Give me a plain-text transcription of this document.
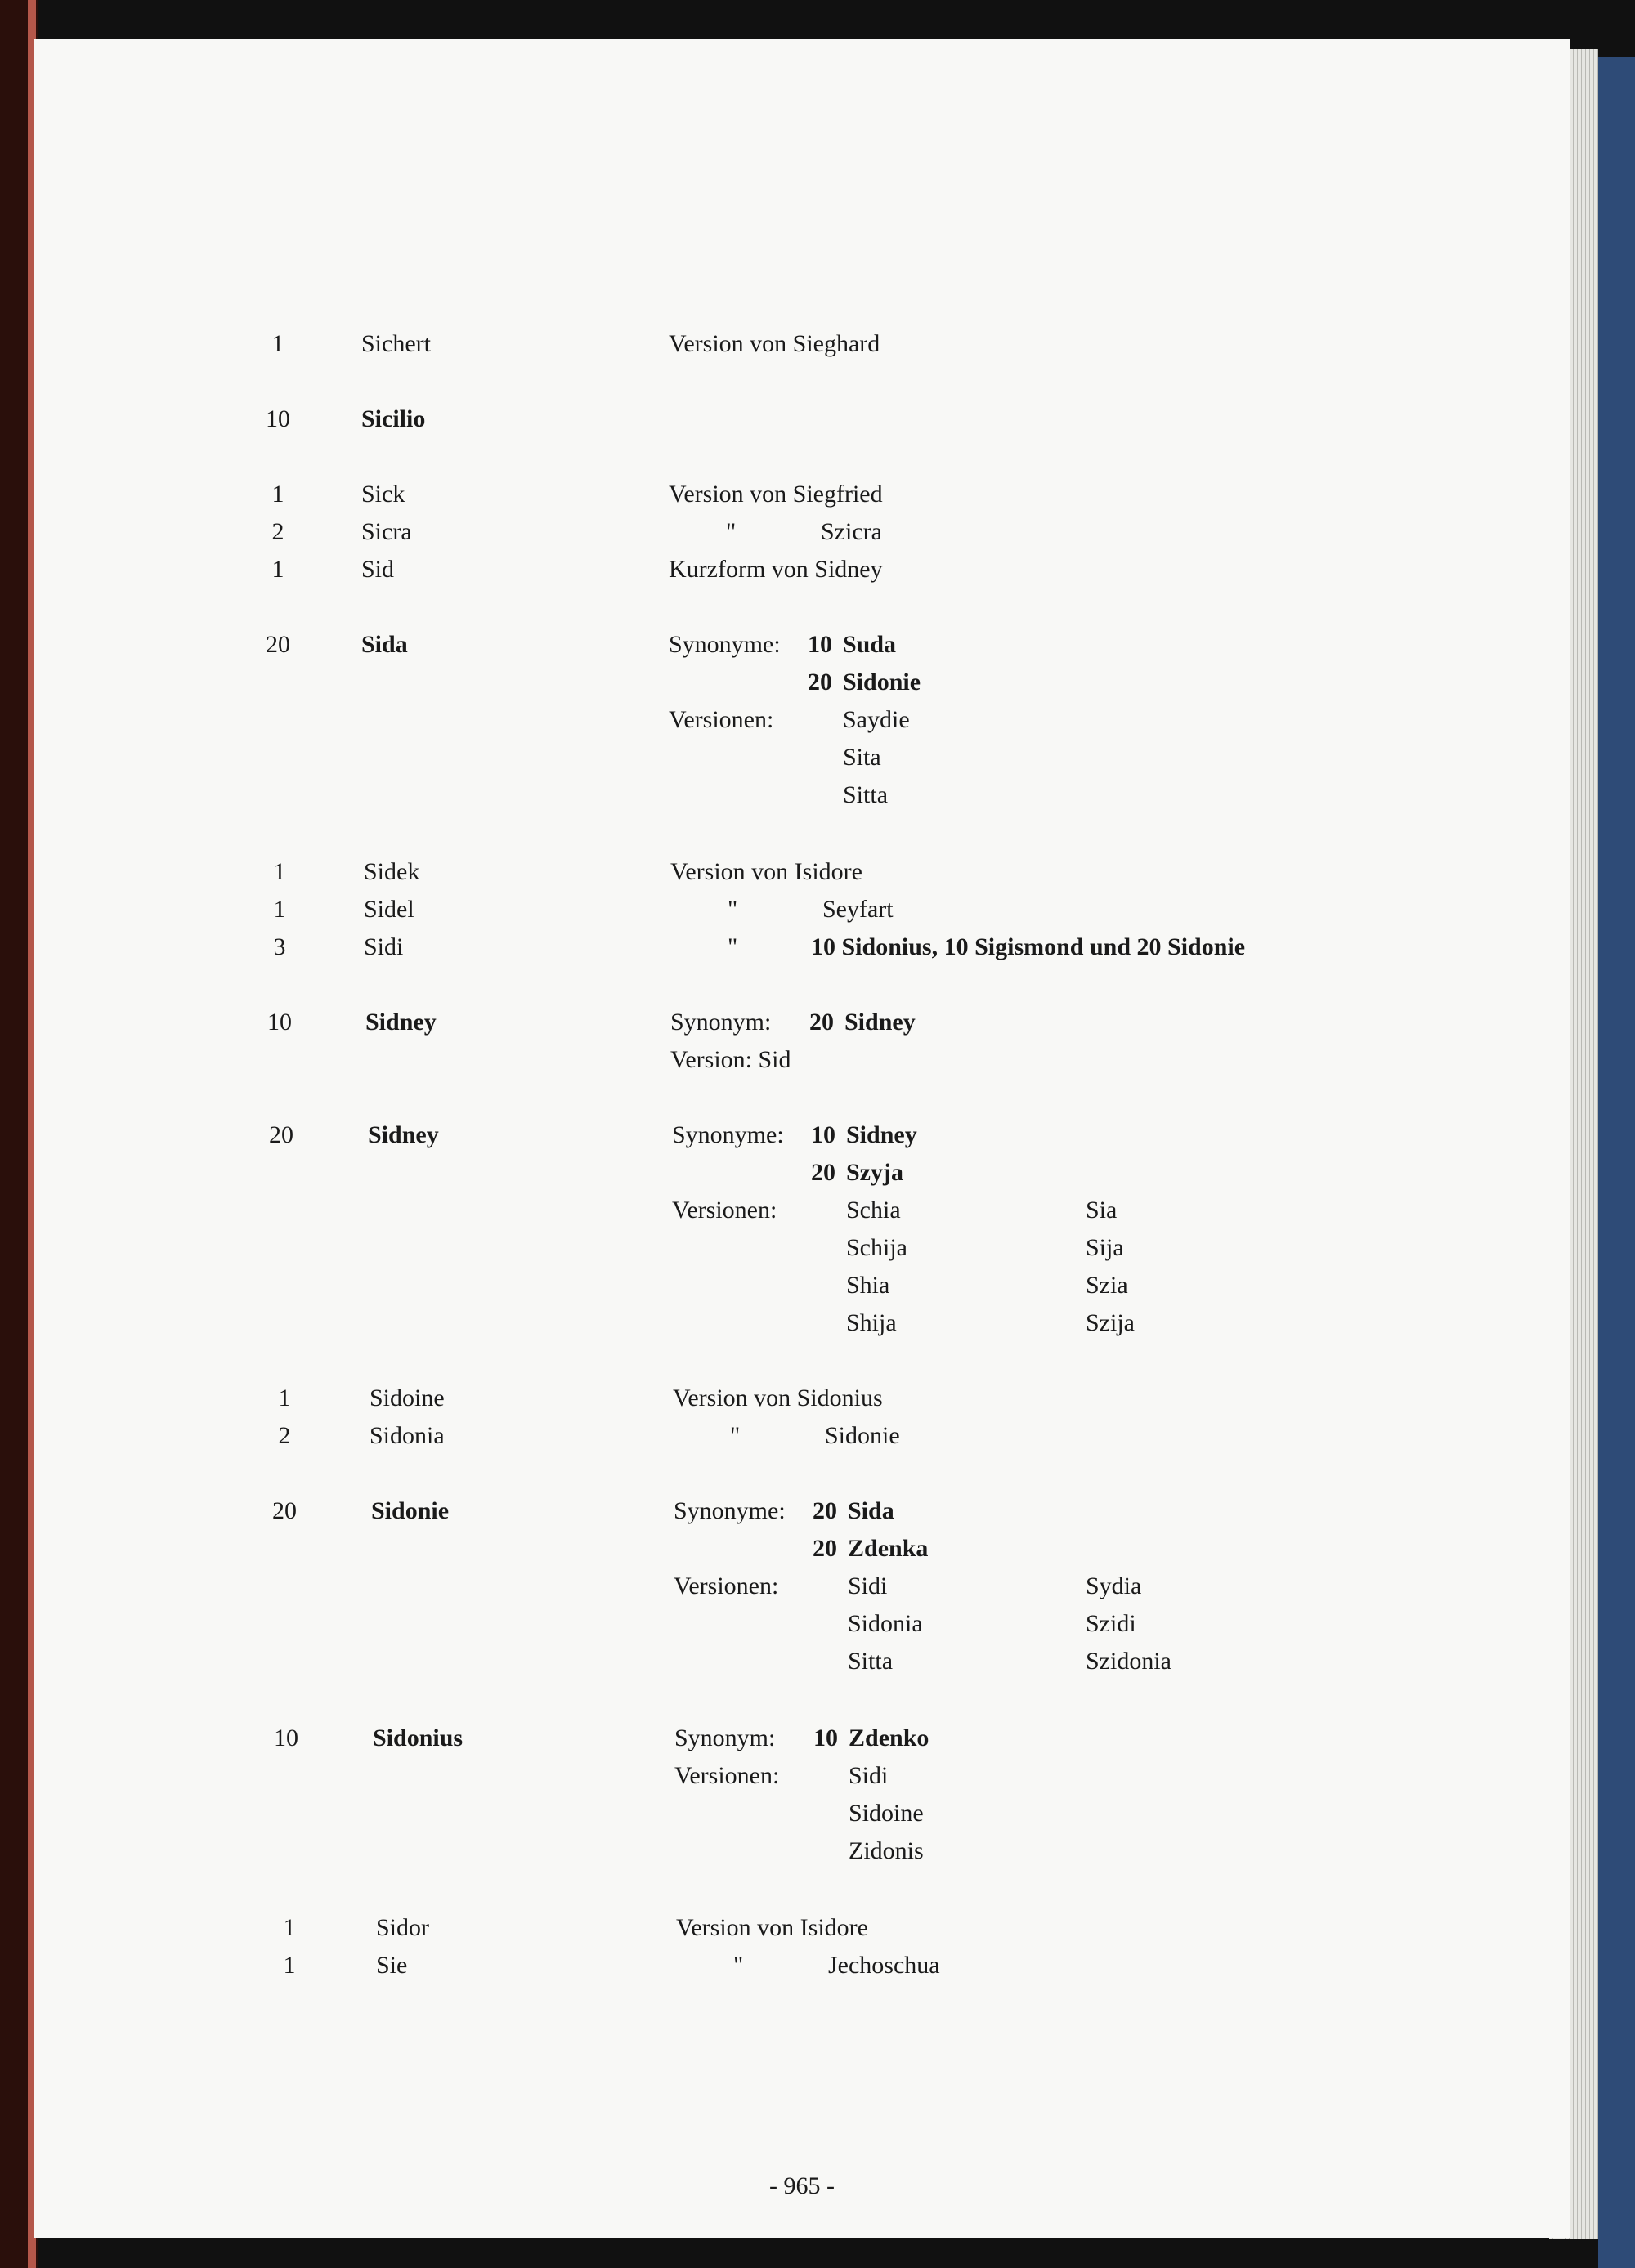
1	Sichert	Version von Sieghard
10	Sicilio
1	Sick	Version von Siegfried
2	Sicra	"	Szicra
1	Sid	Kurzform von Sidney
20	Sida	Synonyme: 10 Suda
20 Sidonie
Versionen:	Saydie
Sita
Sitta
1	Sidek	Version von Isidore
1	Sidel	"	Seyfart
3	Sidi	"	10 Sidonius, 10 Sigismond und 20 Sidonie
10	Sidney	Synonym: 20 Sidney
Version: Sid
20	Sidney	Synonyme: 10 Sidney
20 Szyja
Versionen:	Schia	Sia
Schija	Sija
Shia	Szia
Shija	Szija
1	Sidoine	Version von Sidonius
2	Sidonia	"	Sidonie
20	Sidonie	Synonyme: 20 Sida
20 Zdenka
Versionen:	Sidi	Sydia
Sidonia	Szidi
Sitta	Szidonia
10	Sidonius	Synonym: 10 Zdenko
Versionen:	Sidi
Sidoine
Zidonis
1	Sidor	Version von Isidore
1	Sie	"	Jechoschua
- 965 -
